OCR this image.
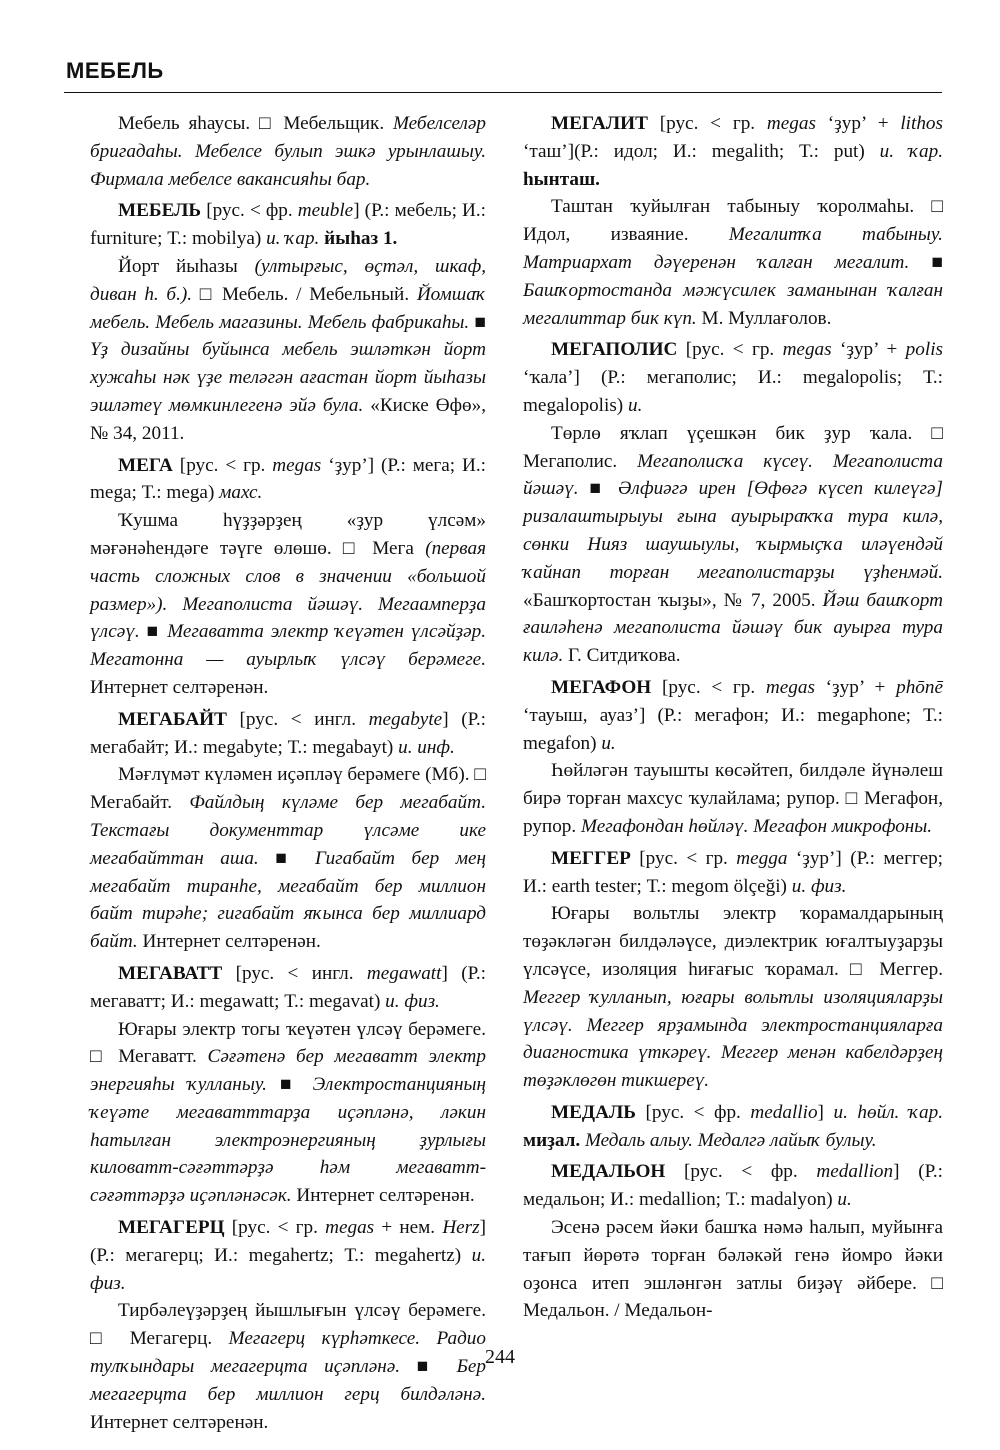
МЕБЕЛЬ

Мебель яһаусы. □ Мебельщик. Мебелселәр бригадаһы. Мебелсе булып эшкә урынлашыу. Фирмала мебелсе вакансияһы бар.

МЕБЕЛЬ [рус. < фр. meuble] (Р.: мебель; И.: furniture; Т.: mobilya) и. ҡар. йыһаз 1.

Йорт йыһазы (ултырғыс, өҫтәл, шкаф, диван һ. б.). □ Мебель. / Мебельный. Йомшаҡ мебель. Мебель магазины. Мебель фабрикаһы. ■ Үҙ дизайны буйынса мебель эшләткән йорт хужаһы нәк үҙе теләгән ағастан йорт йыһазы эшләтеү мөмкинлегенә эйә була. «Киске Өфө», № 34, 2011.

МЕГА [рус. < гр. megas ‘ҙур’] (Р.: мега; И.: mega; Т.: mega) махс.

Ҡушма һүҙҙәрҙең «ҙур үлсәм» мәғәнәһендәге тәүге өлөшө. □ Мега (первая часть сложных слов в значении «большой размер»). Мегаполиста йәшәү. Мегаамперҙа үлсәү. ■ Мегаватта электр ҡеүәтен үлсәйҙәр. Мегатонна — ауырлыҡ үлсәү берәмеге. Интернет селтәренән.

МЕГАБАЙТ [рус. < ингл. megabyte] (Р.: мегабайт; И.: megabyte; Т.: megabayt) и. инф.

Мәғлүмәт күләмен иҫәпләү берәмеге (Мб). □ Мегабайт. Файлдың күләме бер мегабайт. Текстағы документтар үлсәме ике мегабайттан аша. ■ Гигабайт бер мең мегабайт тиранһе, мегабайт бер миллион байт тирәһе; гигабайт яҡынса бер миллиард байт. Интернет селтәренән.

МЕГАВАТТ [рус. < ингл. megawatt] (Р.: мегаватт; И.: megawatt; Т.: megavat) и. физ.

Юғары электр тогы ҡеүәтен үлсәү берәмеге. □ Мегаватт. Сәғәтенә бер мегаватт электр энергияһы ҡулланыу. ■ Электростанцияның ҡеүәте мегаватттарҙа иҫәпләнә, ләкин һатылған электроэнергияның ҙурлығы киловатт-сәғәттәрҙә һәм мегаватт-сәғәттәрҙә иҫәпләнәсәк. Интернет селтәренән.

МЕГАГЕРЦ [рус. < гр. megas + нем. Herz] (Р.: мегагерц; И.: megahertz; Т.: megahertz) и. физ.

Тирбәлеүҙәрҙең йышлығын үлсәү берәмеге. □ Мегагерц. Мегагерц күрһәткесе. Радио тулҡындары мегагерцта иҫәпләнә. ■ Бер мегагерцта бер миллион герц билдәләнә. Интернет селтәренән.

МЕГАЛИТ [рус. < гр. megas ‘ҙур’ + lithos ‘таш’](Р.: идол; И.: megalith; Т.: put) и. ҡар. һынташ.

Таштан ҡуйылған табыныу ҡоролмаһы. □ Идол, изваяние. Мегалитҡа табыныу. Матриархат дәүеренән ҡалған мегалит. ■ Башҡортостанда мәжүсилек заманынан ҡалған мегалиттар бик күп. М. Муллағолов.

МЕГАПОЛИС [рус. < гр. megas ‘ҙур’ + polis ‘ҡала’] (Р.: мегаполис; И.: megalopolis; Т.: megalopolis) и.

Төрлө яҡлап үҫешкән бик ҙур ҡала. □ Мегаполис. Мегаполисҡа күсеү. Мегаполиста йәшәү. ■ Әлфиәгә ирен [Өфөгә күсеп килеүгә] ризалаштырыуы ғына ауырыраҡҡа тура килә, сөнки Нияз шаушыулы, ҡырмыҫҡа иләүендәй ҡайнап торған мегаполистарҙы үҙһенмәй. «Башҡортостан ҡыҙы», № 7, 2005. Йәш башҡорт ғаиләһенә мегаполиста йәшәү бик ауырға тура килә. Г. Ситдиҡова.

МЕГАФОН [рус. < гр. megas ‘ҙур’ + phōnē ‘тауыш, ауаз’] (Р.: мегафон; И.: megaphone; Т.: megafon) и.

Һөйләгән тауышты көсәйтеп, билдәле йүнәлеш бирә торған махсус ҡулайлама; рупор. □ Мегафон, рупор. Мегафондан һөйләү. Мегафон микрофоны.

МЕГГЕР [рус. < гр. megga ‘ҙур’] (Р.: меггер; И.: earth tester; Т.: megom ölçeği) и. физ.

Юғары вольтлы электр ҡорамалдарының төҙәкләгән билдәләүсе, диэлектрик юғалтыуҙарҙы үлсәүсе, изоляция һиғағыс ҡорамал. □ Меггер. Меггер ҡулланып, юғары вольтлы изоляцияларҙы үлсәү. Меггер ярҙамында электростанцияларға диагностика үткәреү. Меггер менән кабелдәрҙең төҙәклөгөн тикшереү.

МЕДАЛЬ [рус. < фр. medallio] и. һөйл. ҡар. миҙал. Медаль алыу. Медалгә лайыҡ булыу.

МЕДАЛЬОН [рус. < фр. medallion] (Р.: медальон; И.: medallion; Т.: madalyon) и.

Эсенә рәсем йәки башҡа нәмә һалып, муйынға тағып йөрөтә торған бәләкәй генә йомро йәки оҙонса итеп эшләнгән затлы биҙәү әйбере. □ Медальон. / Медальон-

244
